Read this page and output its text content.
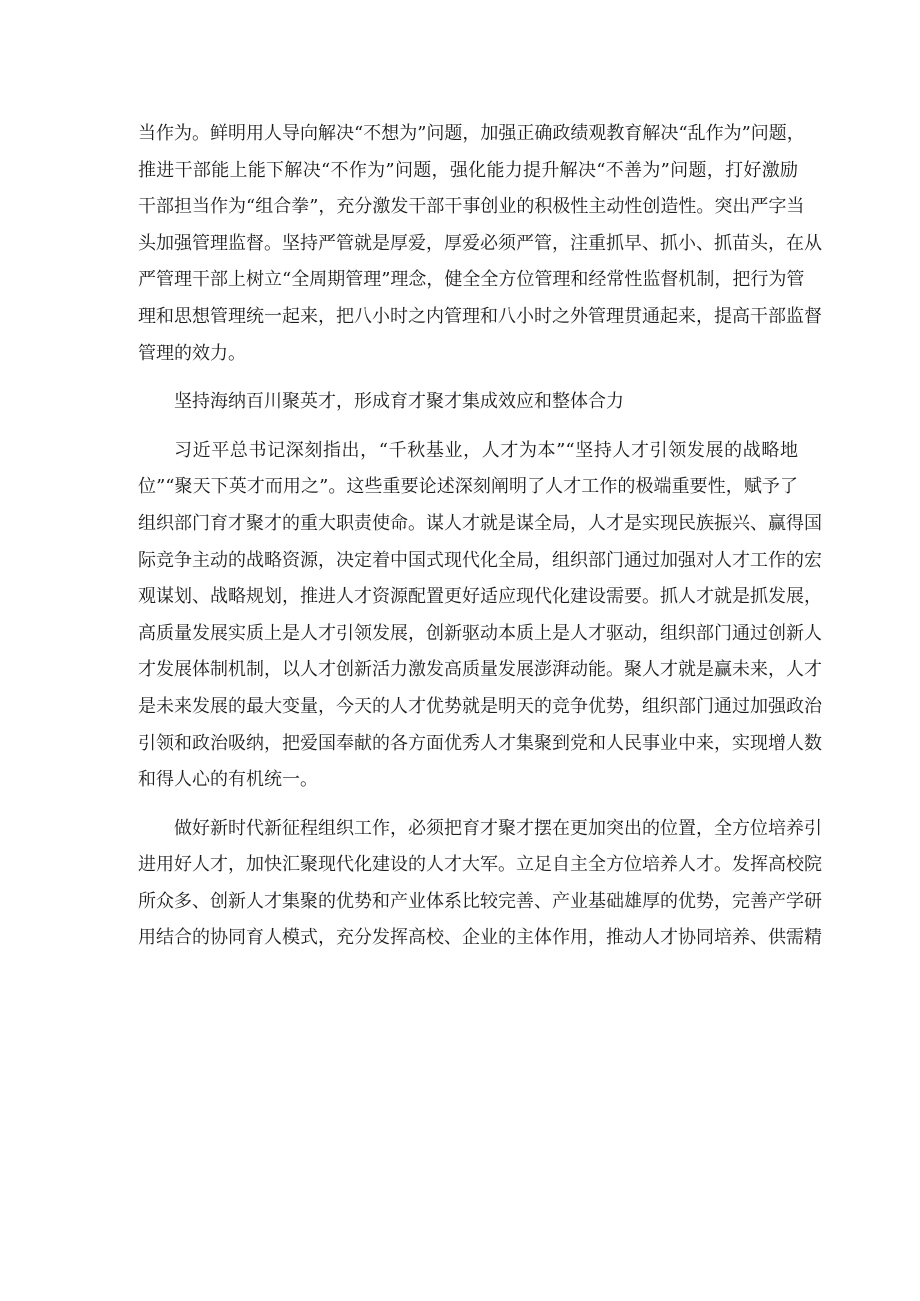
当作为。鲜明用人导向解决“不想为”问题，加强正确政绩观教育解决“乱作为”问题，
推进干部能上能下解决“不作为”问题，强化能力提升解决“不善为”问题，打好激励
干部担当作为“组合拳”，充分激发干部干事创业的积极性主动性创造性。突出严字当
头加强管理监督。坚持严管就是厚爱，厚爱必须严管，注重抓早、抓小、抓苗头，在从
严管理干部上树立“全周期管理”理念，健全全方位管理和经常性监督机制，把行为管
理和思想管理统一起来，把八小时之内管理和八小时之外管理贯通起来，提高干部监督
管理的效力。
坚持海纳百川聚英才，形成育才聚才集成效应和整体合力
习近平总书记深刻指出，“千秋基业，人才为本”“坚持人才引领发展的战略地
位”“聚天下英才而用之”。这些重要论述深刻阐明了人才工作的极端重要性，赋予了
组织部门育才聚才的重大职责使命。谋人才就是谋全局，人才是实现民族振兴、赢得国
际竞争主动的战略资源，决定着中国式现代化全局，组织部门通过加强对人才工作的宏
观谋划、战略规划，推进人才资源配置更好适应现代化建设需要。抓人才就是抓发展，
高质量发展实质上是人才引领发展，创新驱动本质上是人才驱动，组织部门通过创新人
才发展体制机制，以人才创新活力激发高质量发展澎湃动能。聚人才就是赢未来，人才
是未来发展的最大变量，今天的人才优势就是明天的竞争优势，组织部门通过加强政治
引领和政治吸纳，把爱国奉献的各方面优秀人才集聚到党和人民事业中来，实现增人数
和得人心的有机统一。
做好新时代新征程组织工作，必须把育才聚才摆在更加突出的位置，全方位培养引
进用好人才，加快汇聚现代化建设的人才大军。立足自主全方位培养人才。发挥高校院
所众多、创新人才集聚的优势和产业体系比较完善、产业基础雄厚的优势，完善产学研
用结合的协同育人模式，充分发挥高校、企业的主体作用，推动人才协同培养、供需精
